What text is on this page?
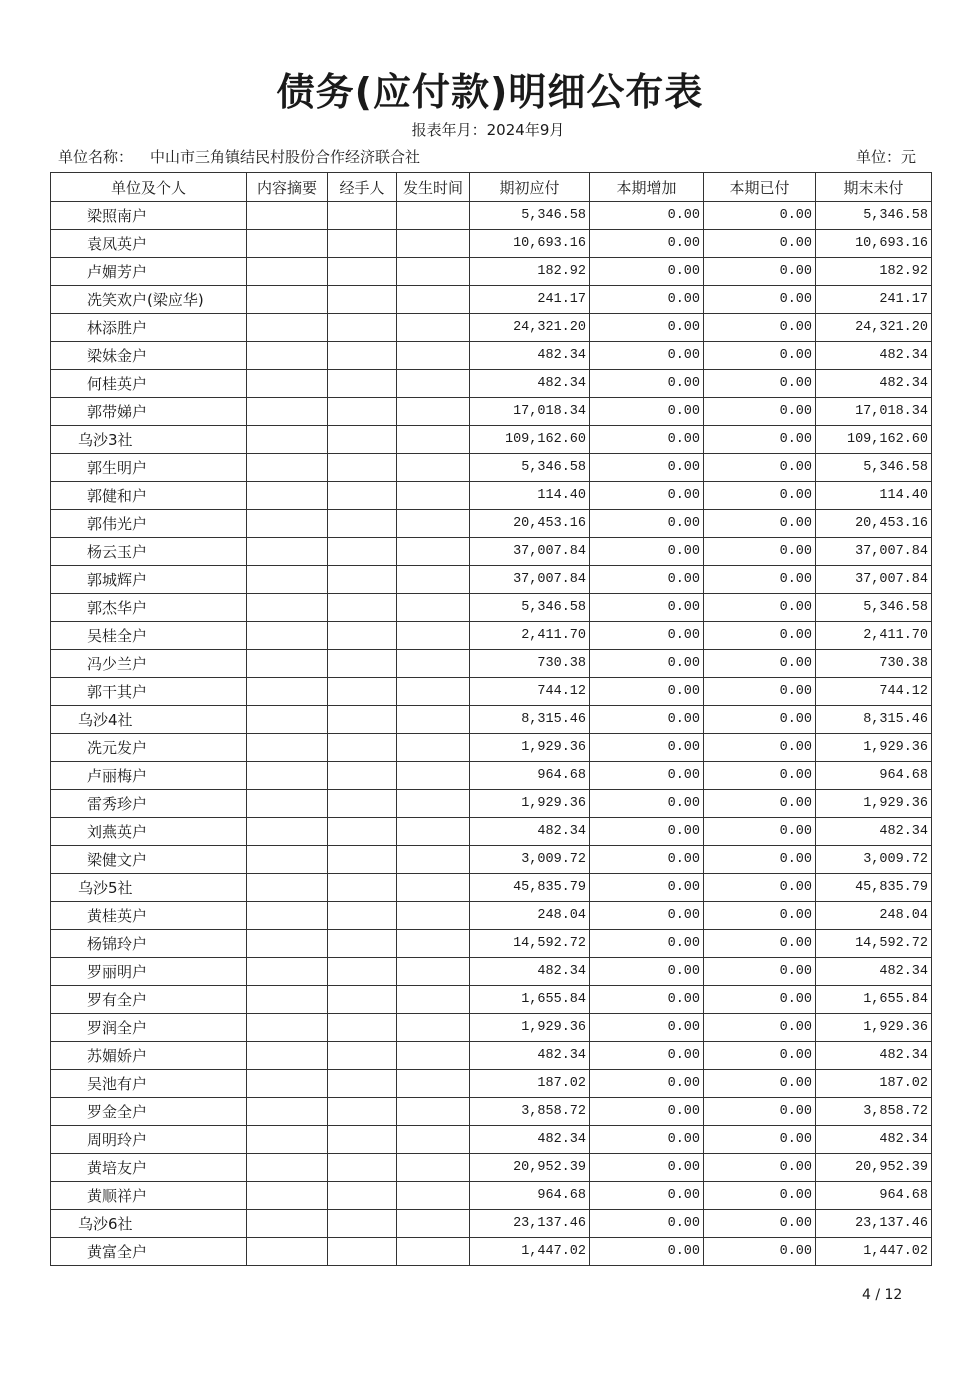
债务(应付款)明细公布表
报表年月：2024年9月
单位名称： 中山市三角镇结民村股份合作经济联合社	单位：元
单位及个人	内容摘要	经手人	发生时间	期初应付	本期增加	本期已付	期末未付
梁照南户				5,346.58	0.00	0.00	5,346.58
袁凤英户				10,693.16	0.00	0.00	10,693.16
卢媚芳户				182.92	0.00	0.00	182.92
冼笑欢户(梁应华)				241.17	0.00	0.00	241.17
林添胜户				24,321.20	0.00	0.00	24,321.20
梁妹金户				482.34	0.00	0.00	482.34
何桂英户				482.34	0.00	0.00	482.34
郭带娣户				17,018.34	0.00	0.00	17,018.34
乌沙3社				109,162.60	0.00	0.00	109,162.60
郭生明户				5,346.58	0.00	0.00	5,346.58
郭健和户				114.40	0.00	0.00	114.40
郭伟光户				20,453.16	0.00	0.00	20,453.16
杨云玉户				37,007.84	0.00	0.00	37,007.84
郭城辉户				37,007.84	0.00	0.00	37,007.84
郭杰华户				5,346.58	0.00	0.00	5,346.58
吴桂全户				2,411.70	0.00	0.00	2,411.70
冯少兰户				730.38	0.00	0.00	730.38
郭干其户				744.12	0.00	0.00	744.12
乌沙4社				8,315.46	0.00	0.00	8,315.46
冼元发户				1,929.36	0.00	0.00	1,929.36
卢丽梅户				964.68	0.00	0.00	964.68
雷秀珍户				1,929.36	0.00	0.00	1,929.36
刘燕英户				482.34	0.00	0.00	482.34
梁健文户				3,009.72	0.00	0.00	3,009.72
乌沙5社				45,835.79	0.00	0.00	45,835.79
黄桂英户				248.04	0.00	0.00	248.04
杨锦玲户				14,592.72	0.00	0.00	14,592.72
罗丽明户				482.34	0.00	0.00	482.34
罗有全户				1,655.84	0.00	0.00	1,655.84
罗润全户				1,929.36	0.00	0.00	1,929.36
苏媚娇户				482.34	0.00	0.00	482.34
吴池有户				187.02	0.00	0.00	187.02
罗金全户				3,858.72	0.00	0.00	3,858.72
周明玲户				482.34	0.00	0.00	482.34
黄培友户				20,952.39	0.00	0.00	20,952.39
黄顺祥户				964.68	0.00	0.00	964.68
乌沙6社				23,137.46	0.00	0.00	23,137.46
黄富全户				1,447.02	0.00	0.00	1,447.02
4 / 12
